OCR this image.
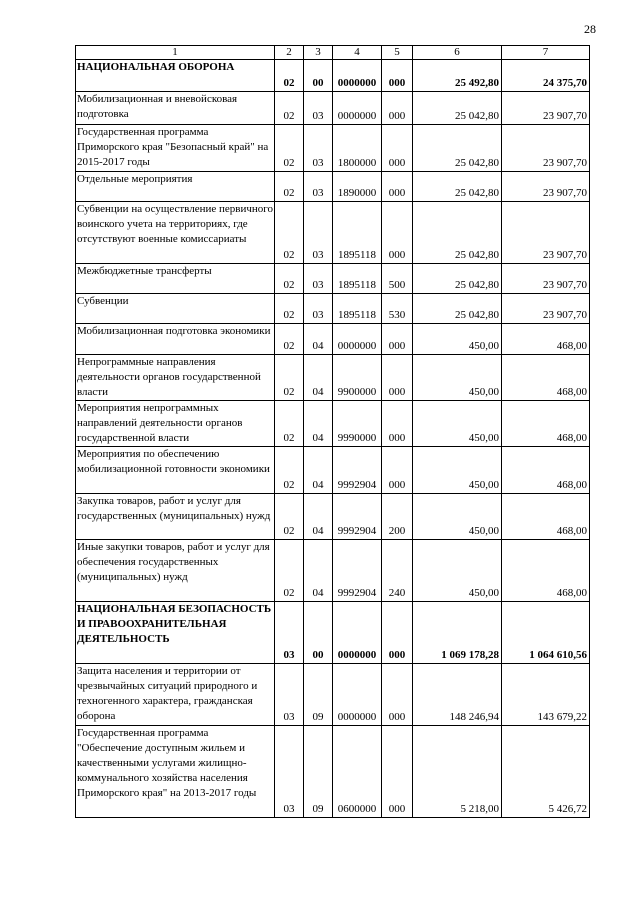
28
1	2	3	4	5	6	7
НАЦИОНАЛЬНАЯ ОБОРОНА	02	00	0000000	000	25 492,80	24 375,70
Мобилизационная и вневойсковая подготовка	02	03	0000000	000	25 042,80	23 907,70
Государственная программа Приморского края "Безопасный край" на 2015-2017 годы	02	03	1800000	000	25 042,80	23 907,70
Отдельные мероприятия	02	03	1890000	000	25 042,80	23 907,70
Субвенции на осуществление первичного воинского учета на территориях, где отсутствуют военные комиссариаты	02	03	1895118	000	25 042,80	23 907,70
Межбюджетные трансферты	02	03	1895118	500	25 042,80	23 907,70
Субвенции	02	03	1895118	530	25 042,80	23 907,70
Мобилизационная подготовка экономики	02	04	0000000	000	450,00	468,00
Непрограммные направления деятельности органов государственной власти	02	04	9900000	000	450,00	468,00
Мероприятия непрограммных направлений деятельности органов государственной власти	02	04	9990000	000	450,00	468,00
Мероприятия по обеспечению мобилизационной готовности экономики	02	04	9992904	000	450,00	468,00
Закупка товаров, работ и услуг для государственных (муниципальных) нужд	02	04	9992904	200	450,00	468,00
Иные закупки товаров, работ и услуг для обеспечения государственных (муниципальных) нужд	02	04	9992904	240	450,00	468,00
НАЦИОНАЛЬНАЯ БЕЗОПАСНОСТЬ И ПРАВООХРАНИТЕЛЬНАЯ ДЕЯТЕЛЬНОСТЬ	03	00	0000000	000	1 069 178,28	1 064 610,56
Защита населения и территории от чрезвычайных ситуаций природного и техногенного характера, гражданская оборона	03	09	0000000	000	148 246,94	143 679,22
Государственная программа "Обеспечение доступным жильем и качественными услугами жилищно-коммунального хозяйства населения Приморского края" на 2013-2017 годы	03	09	0600000	000	5 218,00	5 426,72
